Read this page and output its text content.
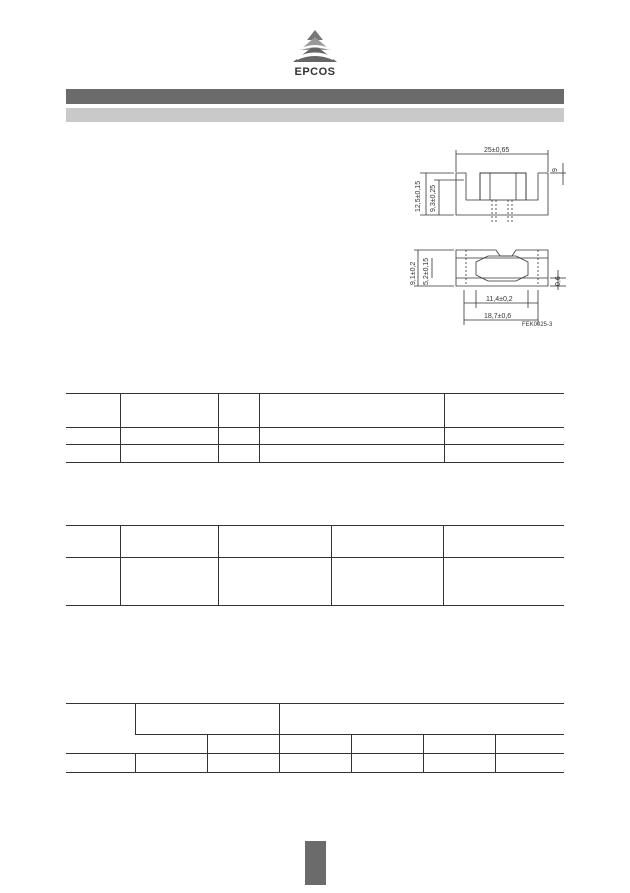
EPCOS
25±0,65
12,5±0,15 9,3±0,25
9
9,1±0,2 5,2±0,15	0,6
11,4±0,2
18,7±0,6
FEK0025-3
